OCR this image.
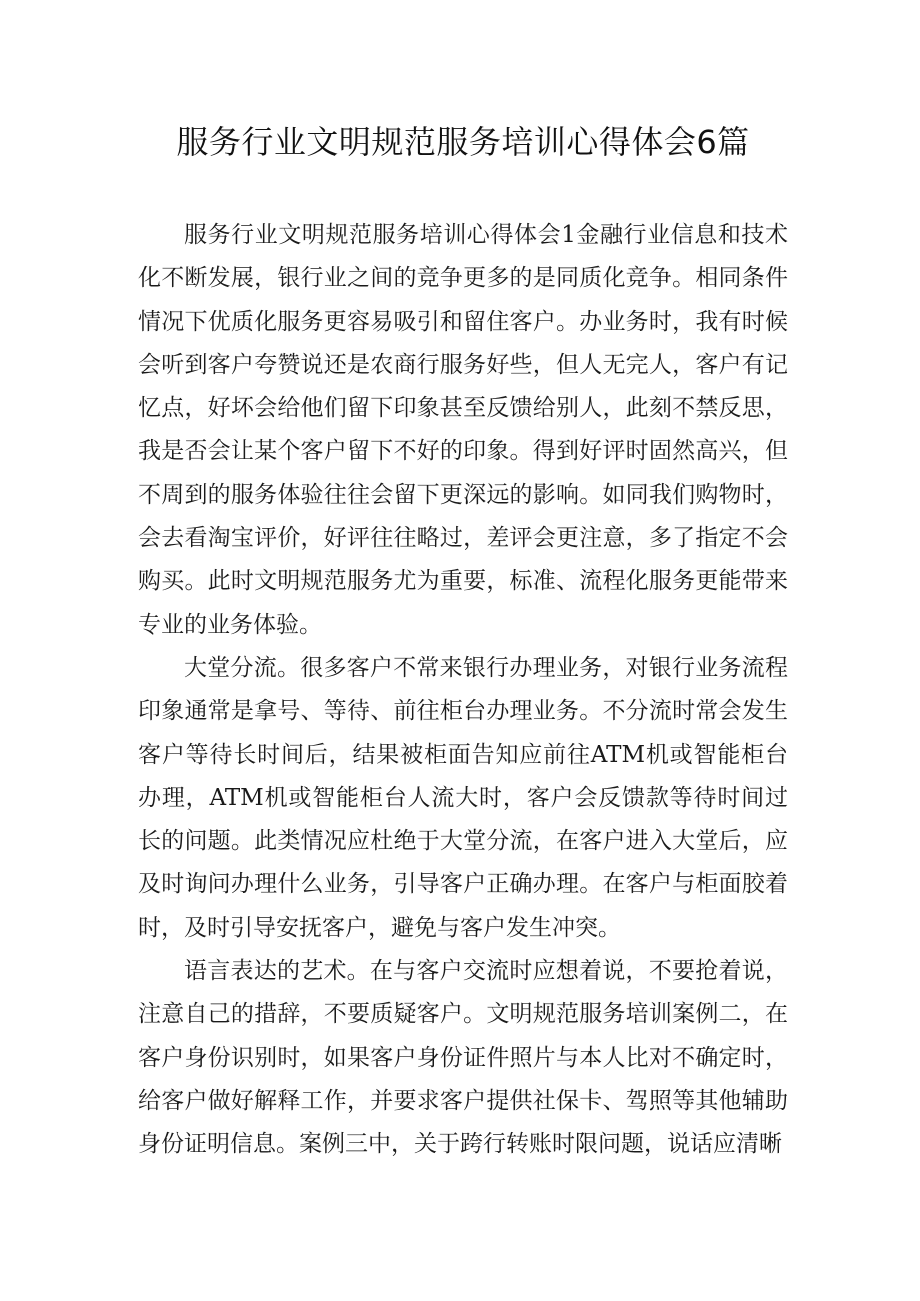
服务行业文明规范服务培训心得体会6篇

服务行业文明规范服务培训心得体会1金融行业信息和技术化不断发展，银行业之间的竞争更多的是同质化竞争。相同条件情况下优质化服务更容易吸引和留住客户。办业务时，我有时候会听到客户夸赞说还是农商行服务好些，但人无完人，客户有记忆点，好坏会给他们留下印象甚至反馈给别人，此刻不禁反思，我是否会让某个客户留下不好的印象。得到好评时固然高兴，但不周到的服务体验往往会留下更深远的影响。如同我们购物时，会去看淘宝评价，好评往往略过，差评会更注意，多了指定不会购买。此时文明规范服务尤为重要，标准、流程化服务更能带来专业的业务体验。

大堂分流。很多客户不常来银行办理业务，对银行业务流程印象通常是拿号、等待、前往柜台办理业务。不分流时常会发生客户等待长时间后，结果被柜面告知应前往ATM机或智能柜台办理，ATM机或智能柜台人流大时，客户会反馈款等待时间过长的问题。此类情况应杜绝于大堂分流，在客户进入大堂后，应及时询问办理什么业务，引导客户正确办理。在客户与柜面胶着时，及时引导安抚客户，避免与客户发生冲突。

语言表达的艺术。在与客户交流时应想着说，不要抢着说，注意自己的措辞，不要质疑客户。文明规范服务培训案例二，在客户身份识别时，如果客户身份证件照片与本人比对不确定时，给客户做好解释工作，并要求客户提供社保卡、驾照等其他辅助身份证明信息。案例三中，关于跨行转账时限问题，说话应清晰
